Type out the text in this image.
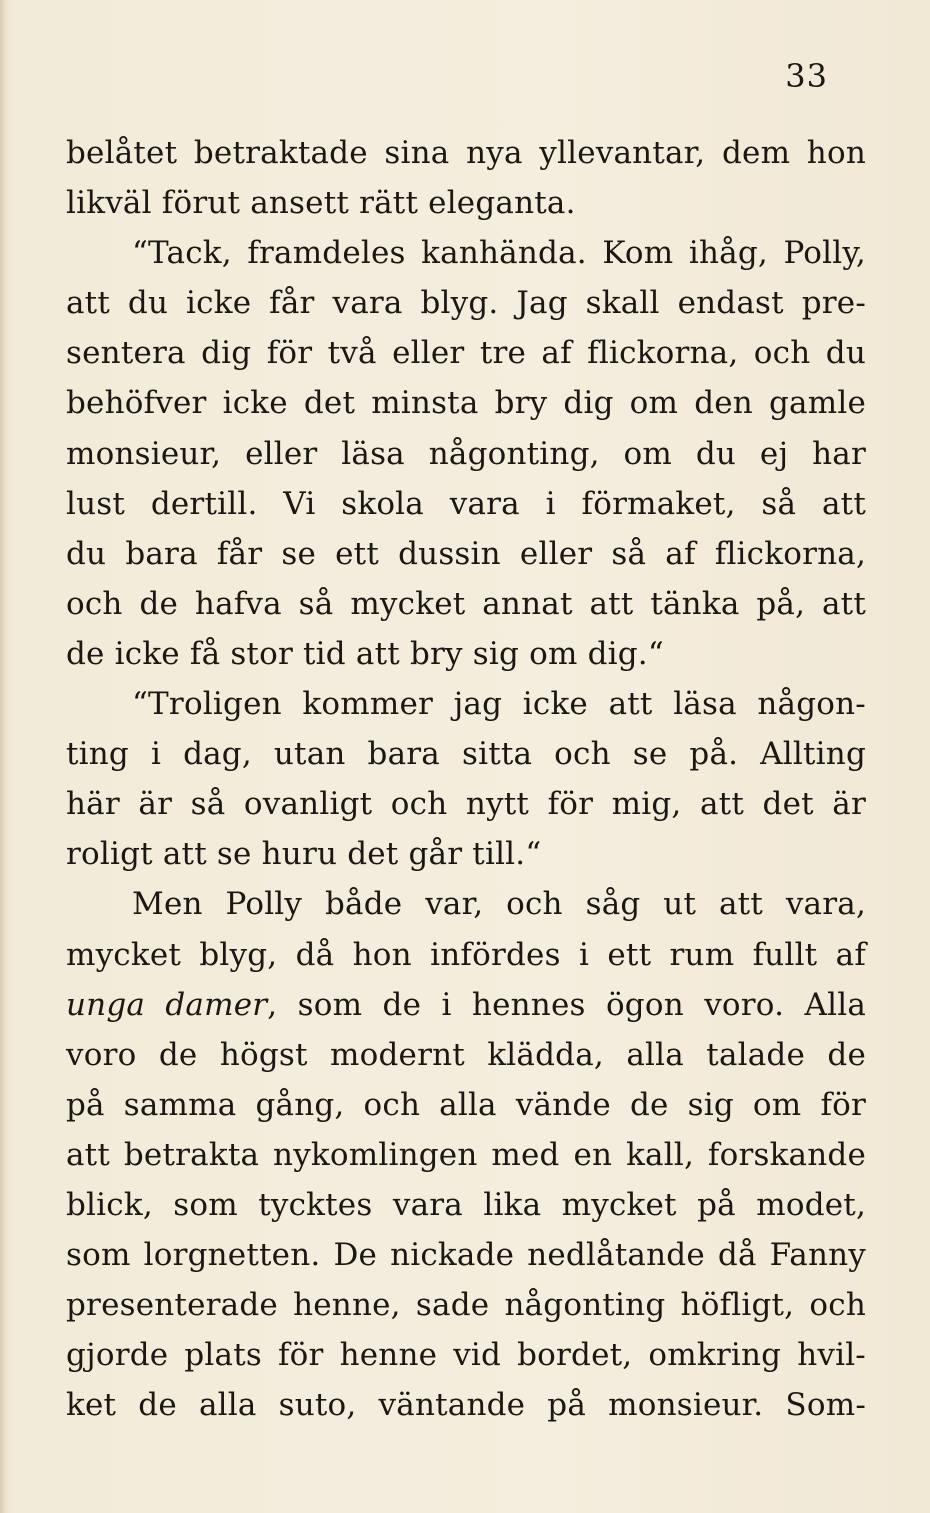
33
belåtet betraktade sina nya yllevantar, dem hon
likväl förut ansett rätt eleganta.
“Tack, framdeles kanhända. Kom ihåg, Polly,
att du icke får vara blyg. Jag skall endast pre-
sentera dig för två eller tre af flickorna, och du
behöfver icke det minsta bry dig om den gamle
monsieur, eller läsa någonting, om du ej har
lust dertill. Vi skola vara i förmaket, så att
du bara får se ett dussin eller så af flickorna,
och de hafva så mycket annat att tänka på, att
de icke få stor tid att bry sig om dig.“
“Troligen kommer jag icke att läsa någon-
ting i dag, utan bara sitta och se på. Allting
här är så ovanligt och nytt för mig, att det är
roligt att se huru det går till.“
Men Polly både var, och såg ut att vara,
mycket blyg, då hon infördes i ett rum fullt af
unga damer, som de i hennes ögon voro. Alla
voro de högst modernt klädda, alla talade de
på samma gång, och alla vände de sig om för
att betrakta nykomlingen med en kall, forskande
blick, som tycktes vara lika mycket på modet,
som lorgnetten. De nickade nedlåtande då Fanny
presenterade henne, sade någonting höfligt, och
gjorde plats för henne vid bordet, omkring hvil-
ket de alla suto, väntande på monsieur. Som-
